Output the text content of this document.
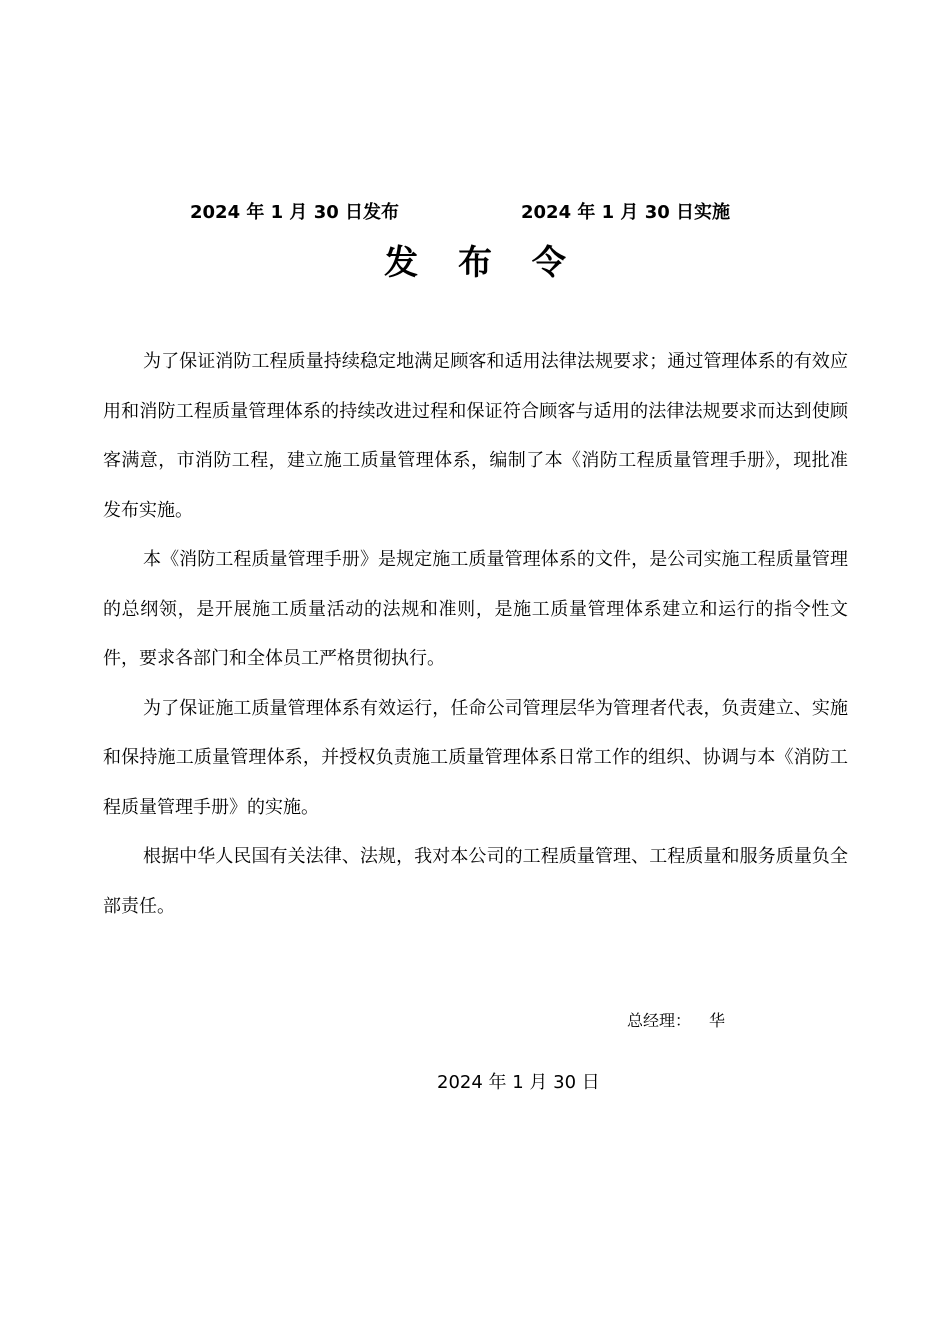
2024 年 1 月 30 日发布	2024 年 1 月 30 日实施
发 布 令

为了保证消防工程质量持续稳定地满足顾客和适用法律法规要求；通过管理体系的有效应用和消防工程质量管理体系的持续改进过程和保证符合顾客与适用的法律法规要求而达到使顾客满意，市消防工程，建立施工质量管理体系，编制了本《消防工程质量管理手册》，现批准发布实施。

本《消防工程质量管理手册》是规定施工质量管理体系的文件，是公司实施工程质量管理的总纲领，是开展施工质量活动的法规和准则，是施工质量管理体系建立和运行的指令性文件，要求各部门和全体员工严格贯彻执行。

为了保证施工质量管理体系有效运行，任命公司管理层华为管理者代表，负责建立、实施和保持施工质量管理体系，并授权负责施工质量管理体系日常工作的组织、协调与本《消防工程质量管理手册》的实施。

根据中华人民国有关法律、法规，我对本公司的工程质量管理、工程质量和服务质量负全部责任。

总经理： 华
2024 年 1 月 30 日
